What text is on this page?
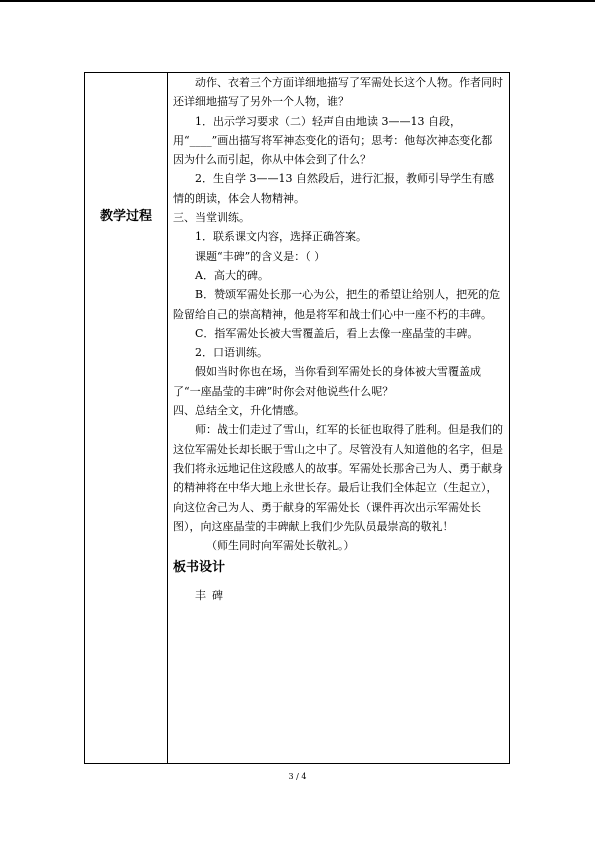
教学过程

动作、衣着三个方面详细地描写了军需处长这个人物。作者同时还详细地描写了另外一个人物，谁？

1．出示学习要求（二）轻声自由地读 3——13 自段，用“____”画出描写将军神态变化的语句；思考：他每次神态变化都因为什么而引起，你从中体会到了什么？

2．生自学 3——13 自然段后，进行汇报，教师引导学生有感情的朗读，体会人物精神。

三、当堂训练。

1．联系课文内容，选择正确答案。

课题“丰碑”的含义是：（ ）

A．高大的碑。

B．赞颂军需处长那一心为公，把生的希望让给别人，把死的危险留给自己的崇高精神，他是将军和战士们心中一座不朽的丰碑。

C．指军需处长被大雪覆盖后，看上去像一座晶莹的丰碑。

2．口语训练。

假如当时你也在场，当你看到军需处长的身体被大雪覆盖成了“一座晶莹的丰碑”时你会对他说些什么呢？

四、总结全文，升化情感。

师：战士们走过了雪山，红军的长征也取得了胜利。但是我们的这位军需处长却长眠于雪山之中了。尽管没有人知道他的名字，但是我们将永远地记住这段感人的故事。军需处长那舍己为人、勇于献身的精神将在中华大地上永世长存。最后让我们全体起立（生起立），向这位舍己为人、勇于献身的军需处长（课件再次出示军需处长图），向这座晶莹的丰碑献上我们少先队员最崇高的敬礼！

（师生同时向军需处长敬礼。）

板书设计

丰碑

3 / 4
